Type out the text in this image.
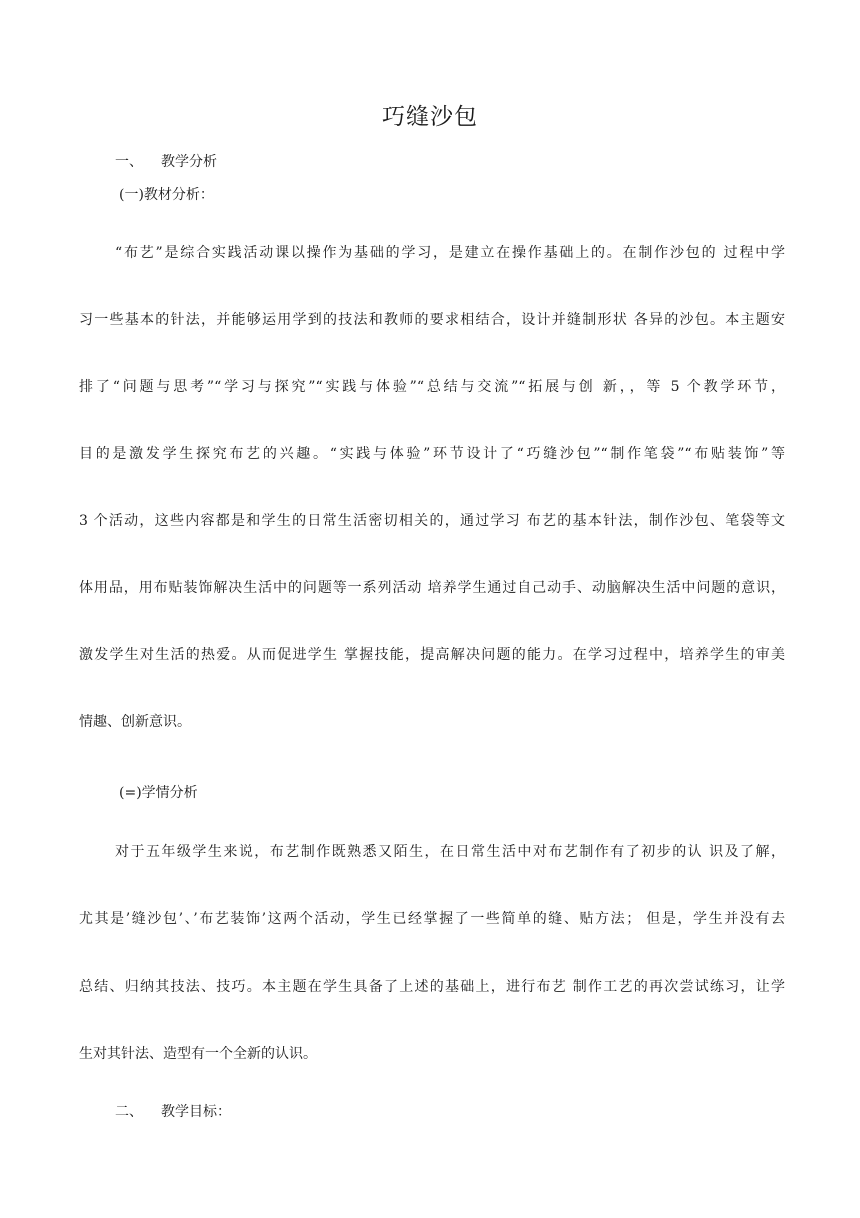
巧缝沙包
一、 教学分析
(一)教材分析：
“布艺”是综合实践活动课以操作为基础的学习，是建立在操作基础上的。在制作沙包的 过程中学
习一些基本的针法，并能够运用学到的技法和教师的要求相结合，设计并缝制形状 各异的沙包。本主题安
排了“问题与思考”“学习与探究”“实践与体验”“总结与交流”“拓展与创 新，，等 5 个教学环节，
目的是激发学生探究布艺的兴趣。“实践与体验”环节设计了“巧缝沙包”“制作笔袋”“布贴装饰”等
3 个活动，这些内容都是和学生的日常生活密切相关的，通过学习 布艺的基本针法，制作沙包、笔袋等文
体用品，用布贴装饰解决生活中的问题等一系列活动 培养学生通过自己动手、动脑解决生活中问题的意识，
激发学生对生活的热爱。从而促进学生 掌握技能，提高解决问题的能力。在学习过程中，培养学生的审美
情趣、创新意识。
(=)学情分析
对于五年级学生来说，布艺制作既熟悉又陌生，在日常生活中对布艺制作有了初步的认 识及了解，
尤其是’缝沙包’、’布艺装饰’这两个活动，学生已经掌握了一些简单的缝、贴方法； 但是，学生并没有去
总结、归纳其技法、技巧。本主题在学生具备了上述的基础上，进行布艺 制作工艺的再次尝试练习，让学
生对其针法、造型有一个全新的认识。
二、 教学目标：
